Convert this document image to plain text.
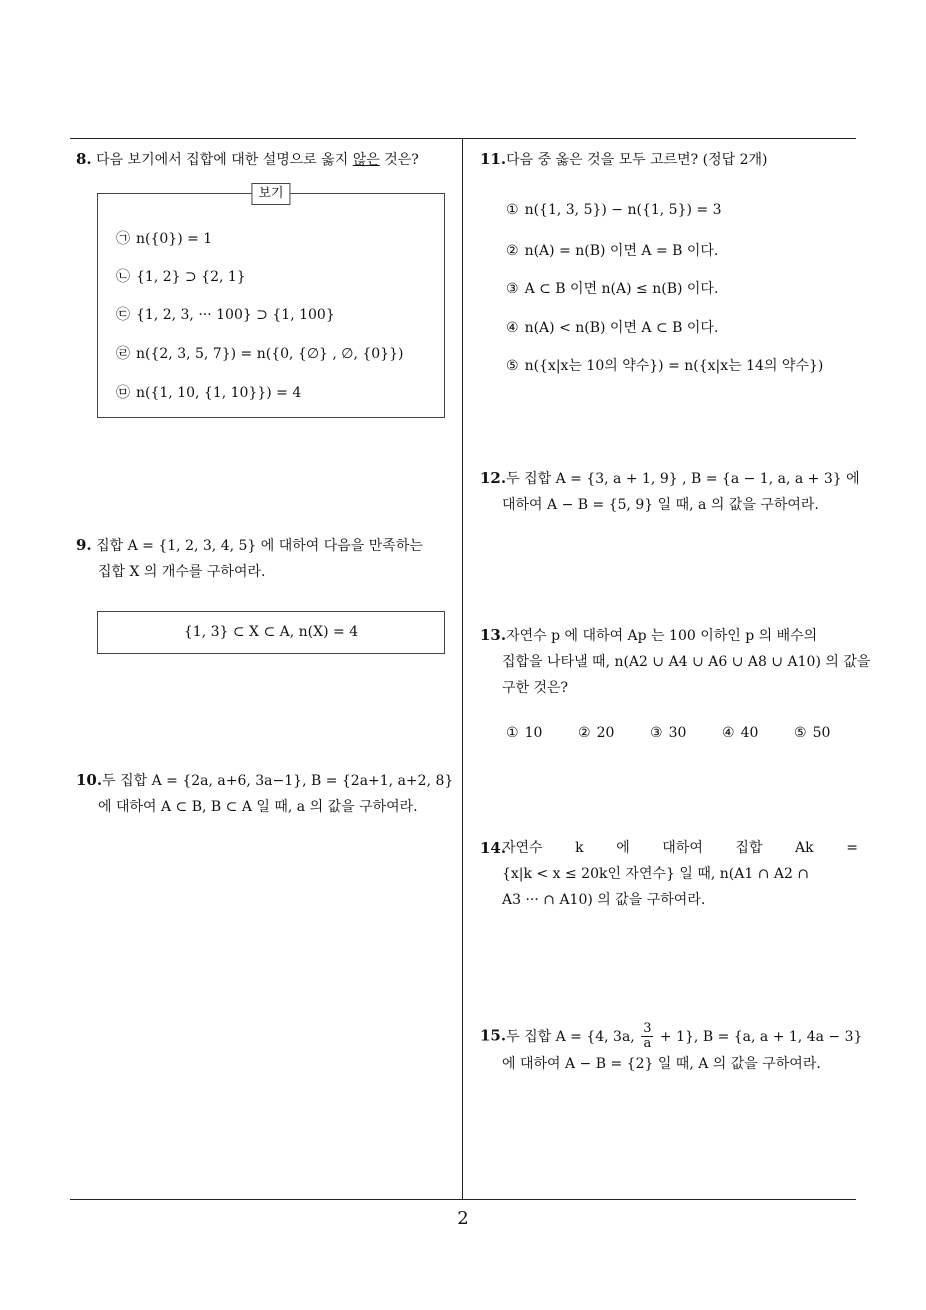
8. 다음 보기에서 집합에 대한 설명으로 옳지 않은 것은?
보기
㉠ n({0}) = 1
㉡ {1, 2} ⊃ {2, 1}
㉢ {1, 2, 3, ··· 100} ⊃ {1, 100}
㉣ n({2, 3, 5, 7}) = n({0, {∅} , ∅, {0}})
㉤ n({1, 10, {1, 10}}) = 4
9. 집합 A = {1, 2, 3, 4, 5} 에 대하여 다음을 만족하는
집합 X 의 개수를 구하여라.
{1, 3} ⊂ X ⊂ A, n(X) = 4
10.두 집합 A = {2a, a+6, 3a−1}, B = {2a+1, a+2, 8}
에 대하여 A ⊂ B, B ⊂ A 일 때, a 의 값을 구하여라.
11.다음 중 옳은 것을 모두 고르면? (정답 2개)
① n({1, 3, 5}) − n({1, 5}) = 3
② n(A) = n(B) 이면 A = B 이다.
③ A ⊂ B 이면 n(A) ≤ n(B) 이다.
④ n(A) < n(B) 이면 A ⊂ B 이다.
⑤ n({x|x는 10의 약수}) = n({x|x는 14의 약수})
12.두 집합 A = {3, a + 1, 9} , B = {a − 1, a, a + 3} 에
대하여 A − B = {5, 9} 일 때, a 의 값을 구하여라.
13.자연수 p 에 대하여 Ap 는 100 이하인 p 의 배수의
집합을 나타낼 때, n(A2 ∪ A4 ∪ A6 ∪ A8 ∪ A10) 의 값을
구한 것은?
① 10	② 20	③ 30	④ 40	⑤ 50
14.
자연수 k 에 대하여 집합 Ak =
{x|k < x ≤ 20k인 자연수} 일 때, n(A1 ∩ A2 ∩
A3 ··· ∩ A10) 의 값을 구하여라.
15.두 집합 A = {4, 3a, $\frac{3}{a} + 1$}, B = {a, a + 1, 4a − 3}
에 대하여 A − B = {2} 일 때, A 의 값을 구하여라.
2
